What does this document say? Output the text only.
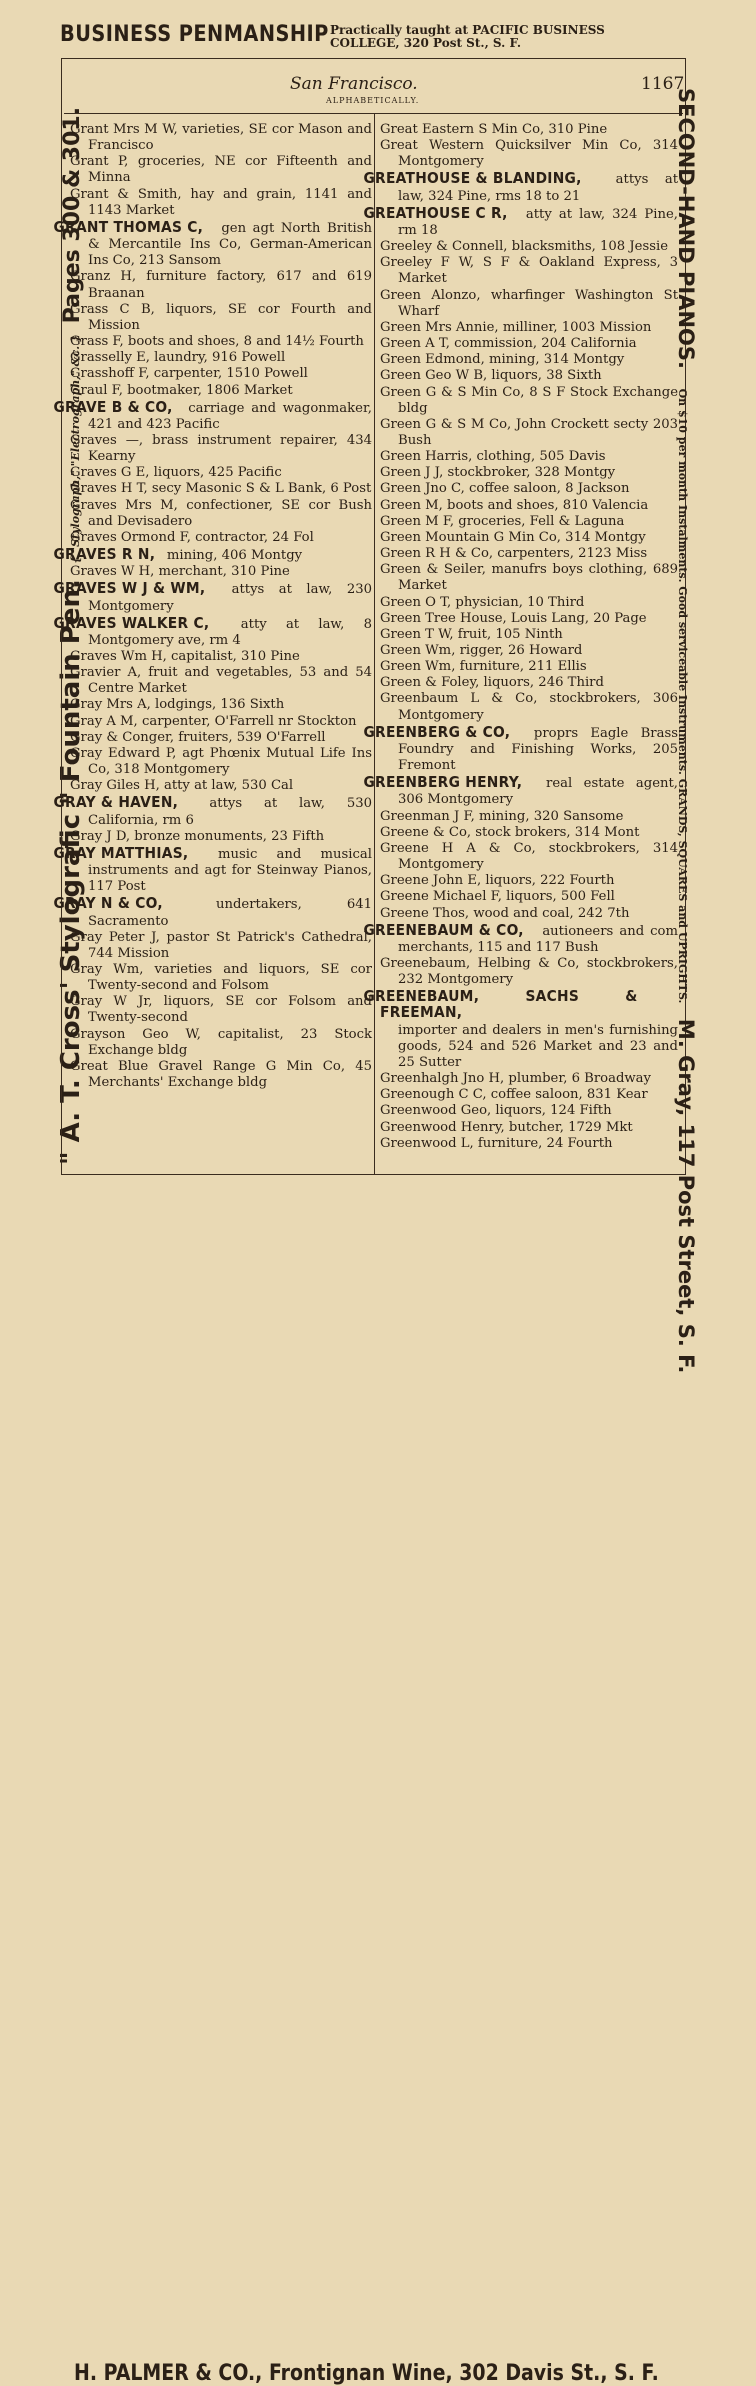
BUSINESS PENMANSHIP Practically taught at PACIFIC BUSINESS COLLEGE, 320 Post St., S. F.
" A. T. Cross' Stylografic " Fountain Pen. { "Stylograph," "Electrograph," &c. } Pages 300 & 301.
San Francisco.
ALPHABETICALLY.
1167
Grant Mrs M W, varieties, SE cor Mason and Francisco
Grant P, groceries, NE cor Fifteenth and Minna
Grant & Smith, hay and grain, 1141 and 1143 Market
GRANT THOMAS C, gen agt North British & Mercantile Ins Co, German-American Ins Co, 213 Sansom
Granz H, furniture factory, 617 and 619 Braanan
Grass C B, liquors, SE cor Fourth and Mission
Grass F, boots and shoes, 8 and 14½ Fourth
Grasselly E, laundry, 916 Powell
Grasshoff F, carpenter, 1510 Powell
Graul F, bootmaker, 1806 Market
GRAVE B & CO, carriage and wagonmaker, 421 and 423 Pacific
Graves —, brass instrument repairer, 434 Kearny
Graves G E, liquors, 425 Pacific
Graves H T, secy Masonic S & L Bank, 6 Post
Graves Mrs M, confectioner, SE cor Bush and Devisadero
Graves Ormond F, contractor, 24 Fol
GRAVES R N, mining, 406 Montgy
Graves W H, merchant, 310 Pine
GRAVES W J & WM, attys at law, 230 Montgomery
GRAVES WALKER C, atty at law, 8 Montgomery ave, rm 4
Graves Wm H, capitalist, 310 Pine
Gravier A, fruit and vegetables, 53 and 54 Centre Market
Gray Mrs A, lodgings, 136 Sixth
Gray A M, carpenter, O'Farrell nr Stockton
Gray & Conger, fruiters, 539 O'Farrell
Gray Edward P, agt Phœnix Mutual Life Ins Co, 318 Montgomery
Gray Giles H, atty at law, 530 Cal
GRAY & HAVEN, attys at law, 530 California, rm 6
Gray J D, bronze monuments, 23 Fifth
GRAY MATTHIAS, music and musical instruments and agt for Steinway Pianos, 117 Post
GRAY N & CO, undertakers, 641 Sacramento
Gray Peter J, pastor St Patrick's Cathedral, 744 Mission
Gray Wm, varieties and liquors, SE cor Twenty-second and Folsom
Gray W Jr, liquors, SE cor Folsom and Twenty-second
Grayson Geo W, capitalist, 23 Stock Exchange bldg
Great Blue Gravel Range G Min Co, 45 Merchants' Exchange bldg
Great Eastern S Min Co, 310 Pine
Great Western Quicksilver Min Co, 314 Montgomery
GREATHOUSE & BLANDING, attys at law, 324 Pine, rms 18 to 21
GREATHOUSE C R, atty at law, 324 Pine, rm 18
Greeley & Connell, blacksmiths, 108 Jessie
Greeley F W, S F & Oakland Express, 3 Market
Green Alonzo, wharfinger Washington St Wharf
Green Mrs Annie, milliner, 1003 Mission
Green A T, commission, 204 California
Green Edmond, mining, 314 Montgy
Green Geo W B, liquors, 38 Sixth
Green G & S Min Co, 8 S F Stock Exchange bldg
Green G & S M Co, John Crockett secty 203 Bush
Green Harris, clothing, 505 Davis
Green J J, stockbroker, 328 Montgy
Green Jno C, coffee saloon, 8 Jackson
Green M, boots and shoes, 810 Valencia
Green M F, groceries, Fell & Laguna
Green Mountain G Min Co, 314 Montgy
Green R H & Co, carpenters, 2123 Miss
Green & Seiler, manufrs boys clothing, 689 Market
Green O T, physician, 10 Third
Green Tree House, Louis Lang, 20 Page
Green T W, fruit, 105 Ninth
Green Wm, rigger, 26 Howard
Green Wm, furniture, 211 Ellis
Green & Foley, liquors, 246 Third
Greenbaum L & Co, stockbrokers, 306 Montgomery
GREENBERG & CO, proprs Eagle Brass Foundry and Finishing Works, 205 Fremont
GREENBERG HENRY, real estate agent, 306 Montgomery
Greenman J F, mining, 320 Sansome
Greene & Co, stock brokers, 314 Mont
Greene H A & Co, stockbrokers, 314 Montgomery
Greene John E, liquors, 222 Fourth
Greene Michael F, liquors, 500 Fell
Greene Thos, wood and coal, 242 7th
GREENEBAUM & CO, autioneers and com merchants, 115 and 117 Bush
Greenebaum, Helbing & Co, stockbrokers, 232 Montgomery
GREENEBAUM, SACHS & FREEMAN, importer and dealers in men's furnishing goods, 524 and 526 Market and 23 and 25 Sutter
Greenhalgh Jno H, plumber, 6 Broadway
Greenough C C, coffee saloon, 831 Kear
Greenwood Geo, liquors, 124 Fifth
Greenwood Henry, butcher, 1729 Mkt
Greenwood L, furniture, 24 Fourth
SECOND-HAND PIANOS. On $10 per month Instalments. Good serviceable Instruments. GRANDS, SQUARES and UPRIGHTS. M. Gray, 117 Post Street, S. F.
H. PALMER & CO., Frontignan Wine, 302 Davis St., S. F.
